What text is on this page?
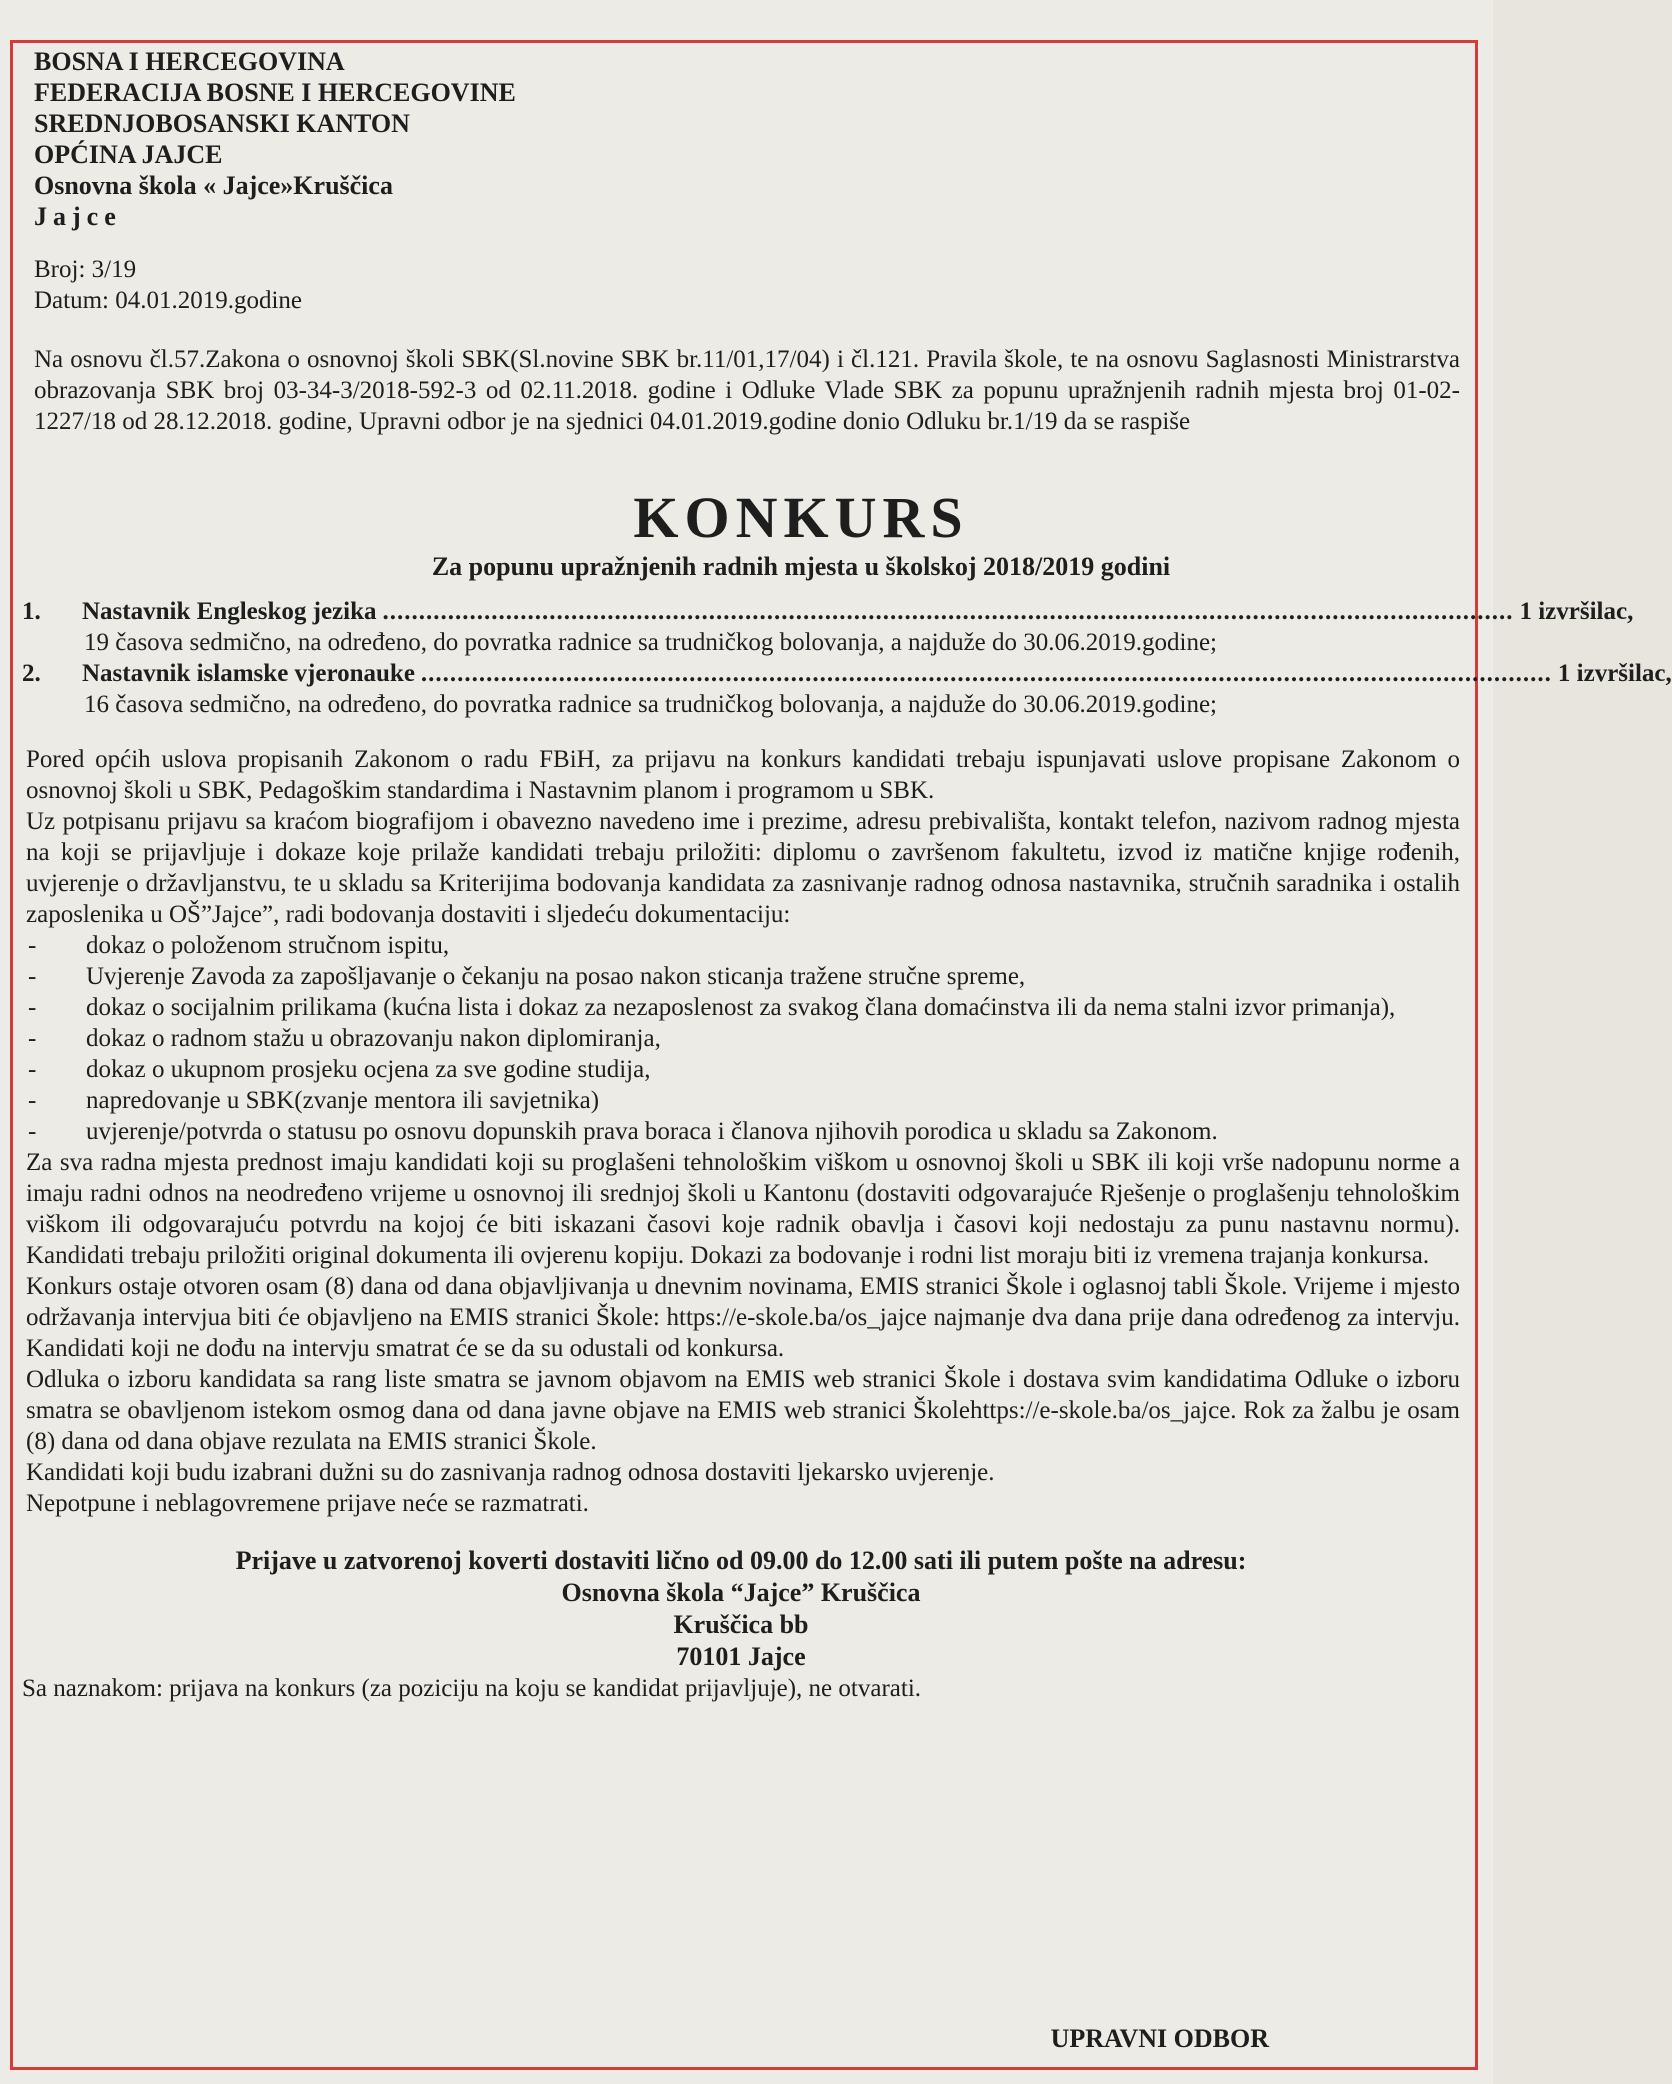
BOSNA I HERCEGOVINA
FEDERACIJA BOSNE I HERCEGOVINE
SREDNJOBOSANSKI KANTON
OPĆINA JAJCE
Osnovna škola « Jajce»Kruščica
Jajce
Broj: 3/19
Datum: 04.01.2019.godine
Na osnovu čl.57.Zakona o osnovnoj školi SBK(Sl.novine SBK br.11/01,17/04) i čl.121. Pravila škole, te na osnovu Saglasnosti Ministrarstva obrazovanja SBK broj 03-34-3/2018-592-3 od 02.11.2018. godine i Odluke Vlade SBK za popunu upražnjenih radnih mjesta broj 01-02-1227/18 od 28.12.2018. godine, Upravni odbor je na sjednici 04.01.2019.godine donio Odluku br.1/19 da se raspiše
KONKURS
Za popunu upražnjenih radnih mjesta u školskoj 2018/2019 godini
1.	Nastavnik Engleskog jezika ............................................................................................................................................................ 1 izvršilac,
19 časova sedmično, na određeno, do povratka radnice sa trudničkog bolovanja, a najduže do 30.06.2019.godine;
2.	Nastavnik islamske vjeronauke ............................................................................................................................................................ 1 izvršilac,
16 časova sedmično, na određeno, do povratka radnice sa trudničkog bolovanja, a najduže do 30.06.2019.godine;
Pored općih uslova propisanih Zakonom o radu FBiH, za prijavu na konkurs kandidati trebaju ispunjavati uslove propisane Zakonom o osnovnoj školi u SBK, Pedagoškim standardima i Nastavnim planom i programom u SBK.
Uz potpisanu prijavu sa kraćom biografijom i obavezno navedeno ime i prezime, adresu prebivališta, kontakt telefon, nazivom radnog mjesta na koji se prijavljuje i dokaze koje prilaže kandidati trebaju priložiti: diplomu o završenom fakultetu, izvod iz matične knjige rođenih, uvjerenje o državljanstvu, te u skladu sa Kriterijima bodovanja kandidata za zasnivanje radnog odnosa nastavnika, stručnih saradnika i ostalih zaposlenika u OŠ”Jajce”, radi bodovanja dostaviti i sljedeću dokumentaciju:
-	dokaz o položenom stručnom ispitu,
-	Uvjerenje Zavoda za zapošljavanje o čekanju na posao nakon sticanja tražene stručne spreme,
-	dokaz o socijalnim prilikama (kućna lista i dokaz za nezaposlenost za svakog člana domaćinstva ili da nema stalni izvor primanja),
-	dokaz o radnom stažu u obrazovanju nakon diplomiranja,
-	dokaz o ukupnom prosjeku ocjena za sve godine studija,
-	napredovanje u SBK(zvanje mentora ili savjetnika)
-	uvjerenje/potvrda o statusu po osnovu dopunskih prava boraca i članova njihovih porodica u skladu sa Zakonom.
Za sva radna mjesta prednost imaju kandidati koji su proglašeni tehnološkim viškom u osnovnoj školi u SBK ili koji vrše nadopunu norme a imaju radni odnos na neodređeno vrijeme u osnovnoj ili srednjoj školi u Kantonu (dostaviti odgovarajuće Rješenje o proglašenju tehnološkim viškom ili odgovarajuću potvrdu na kojoj će biti iskazani časovi koje radnik obavlja i časovi koji nedostaju za punu nastavnu normu). Kandidati trebaju priložiti original dokumenta ili ovjerenu kopiju. Dokazi za bodovanje i rodni list moraju biti iz vremena trajanja konkursa.
Konkurs ostaje otvoren osam (8) dana od dana objavljivanja u dnevnim novinama, EMIS stranici Škole i oglasnoj tabli Škole. Vrijeme i mjesto održavanja intervjua biti će objavljeno na EMIS stranici Škole: https://e-skole.ba/os_jajce najmanje dva dana prije dana određenog za intervju. Kandidati koji ne dođu na intervju smatrat će se da su odustali od konkursa.
Odluka o izboru kandidata sa rang liste smatra se javnom objavom na EMIS web stranici Škole i dostava svim kandidatima Odluke o izboru smatra se obavljenom istekom osmog dana od dana javne objave na EMIS web stranici Školehttps://e-skole.ba/os_jajce. Rok za žalbu je osam (8) dana od dana objave rezulata na EMIS stranici Škole.
Kandidati koji budu izabrani dužni su do zasnivanja radnog odnosa dostaviti ljekarsko uvjerenje.
Nepotpune i neblagovremene prijave neće se razmatrati.
Prijave u zatvorenoj koverti dostaviti lično od 09.00 do 12.00 sati ili putem pošte na adresu:
Osnovna škola “Jajce” Kruščica
Kruščica bb
70101 Jajce
Sa naznakom: prijava na konkurs (za poziciju na koju se kandidat prijavljuje), ne otvarati.
UPRAVNI ODBOR
